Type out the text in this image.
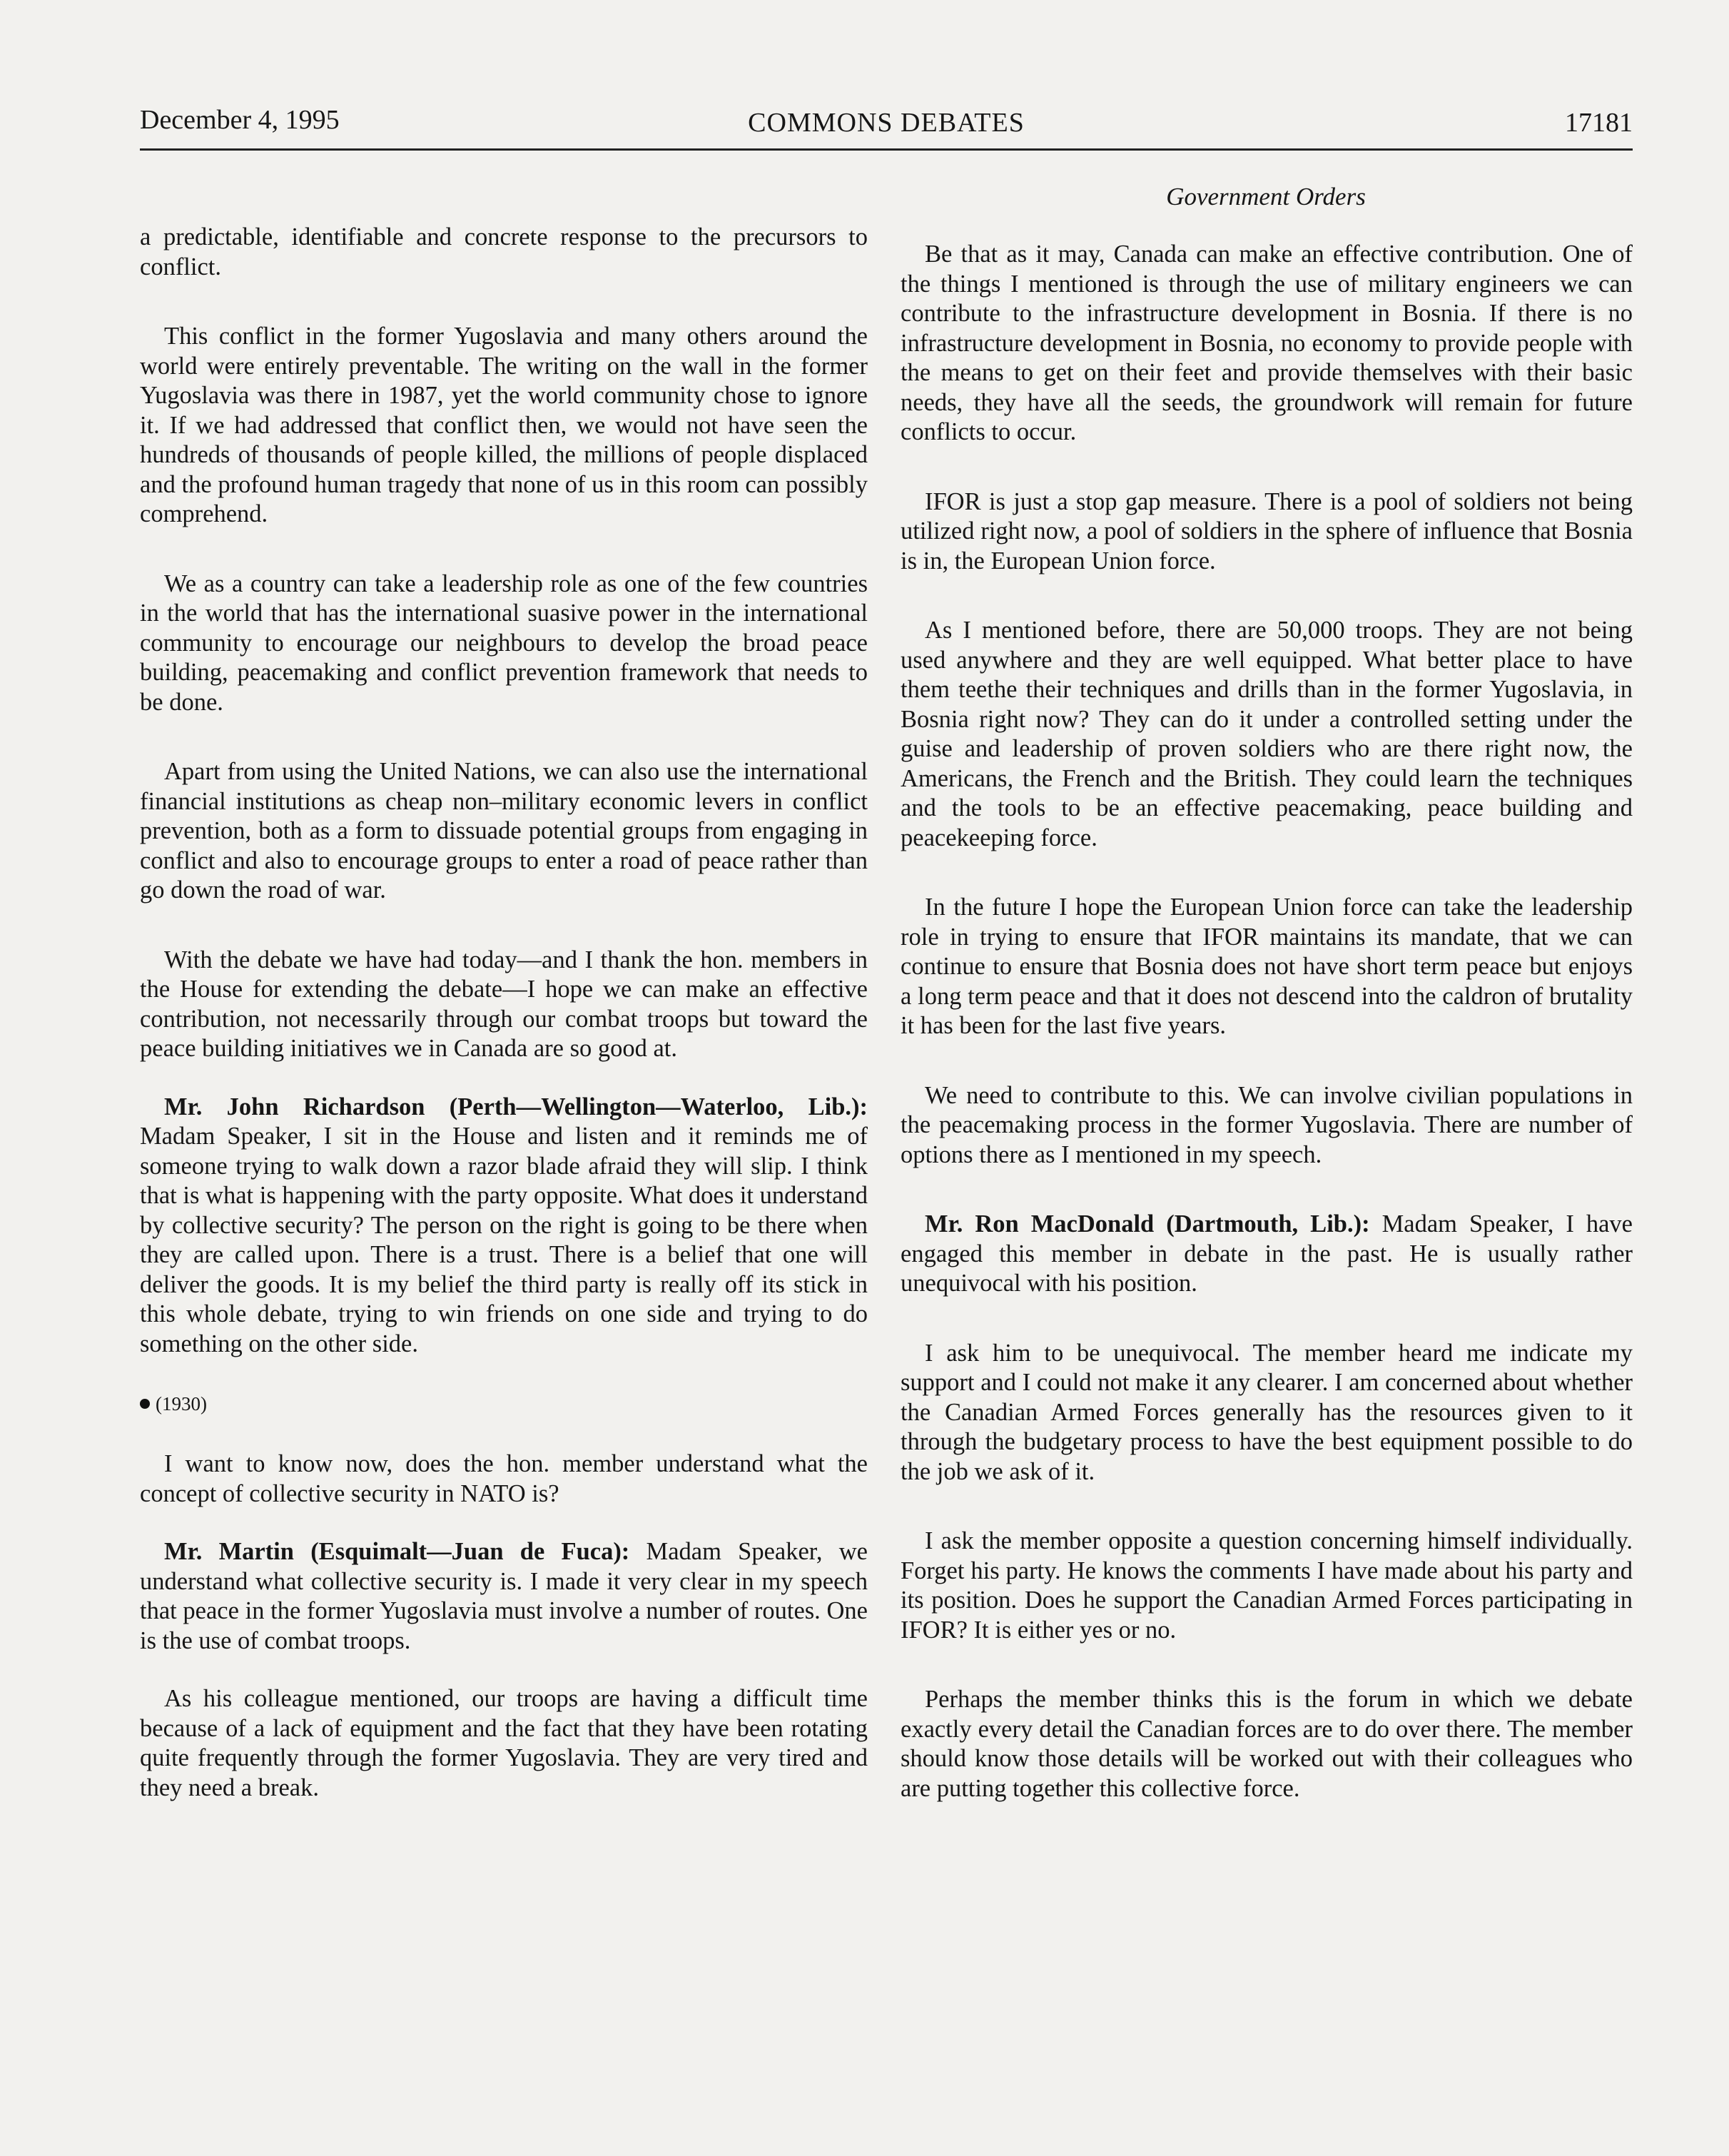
December 4, 1995	COMMONS DEBATES	17181
Government Orders

a predictable, identifiable and concrete response to the precursors to conflict.

This conflict in the former Yugoslavia and many others around the world were entirely preventable. The writing on the wall in the former Yugoslavia was there in 1987, yet the world community chose to ignore it. If we had addressed that conflict then, we would not have seen the hundreds of thousands of people killed, the millions of people displaced and the profound human tragedy that none of us in this room can possibly comprehend.

We as a country can take a leadership role as one of the few countries in the world that has the international suasive power in the international community to encourage our neighbours to develop the broad peace building, peacemaking and conflict prevention framework that needs to be done.

Apart from using the United Nations, we can also use the international financial institutions as cheap non–military economic levers in conflict prevention, both as a form to dissuade potential groups from engaging in conflict and also to encourage groups to enter a road of peace rather than go down the road of war.

With the debate we have had today—and I thank the hon. members in the House for extending the debate—I hope we can make an effective contribution, not necessarily through our combat troops but toward the peace building initiatives we in Canada are so good at.

Mr. John Richardson (Perth—Wellington—Waterloo, Lib.): Madam Speaker, I sit in the House and listen and it reminds me of someone trying to walk down a razor blade afraid they will slip. I think that is what is happening with the party opposite. What does it understand by collective security? The person on the right is going to be there when they are called upon. There is a trust. There is a belief that one will deliver the goods. It is my belief the third party is really off its stick in this whole debate, trying to win friends on one side and trying to do something on the other side.

(1930)

I want to know now, does the hon. member understand what the concept of collective security in NATO is?

Mr. Martin (Esquimalt—Juan de Fuca): Madam Speaker, we understand what collective security is. I made it very clear in my speech that peace in the former Yugoslavia must involve a number of routes. One is the use of combat troops.

As his colleague mentioned, our troops are having a difficult time because of a lack of equipment and the fact that they have been rotating quite frequently through the former Yugoslavia. They are very tired and they need a break.

Be that as it may, Canada can make an effective contribution. One of the things I mentioned is through the use of military engineers we can contribute to the infrastructure development in Bosnia. If there is no infrastructure development in Bosnia, no economy to provide people with the means to get on their feet and provide themselves with their basic needs, they have all the seeds, the groundwork will remain for future conflicts to occur.

IFOR is just a stop gap measure. There is a pool of soldiers not being utilized right now, a pool of soldiers in the sphere of influence that Bosnia is in, the European Union force.

As I mentioned before, there are 50,000 troops. They are not being used anywhere and they are well equipped. What better place to have them teethe their techniques and drills than in the former Yugoslavia, in Bosnia right now? They can do it under a controlled setting under the guise and leadership of proven soldiers who are there right now, the Americans, the French and the British. They could learn the techniques and the tools to be an effective peacemaking, peace building and peacekeeping force.

In the future I hope the European Union force can take the leadership role in trying to ensure that IFOR maintains its mandate, that we can continue to ensure that Bosnia does not have short term peace but enjoys a long term peace and that it does not descend into the caldron of brutality it has been for the last five years.

We need to contribute to this. We can involve civilian populations in the peacemaking process in the former Yugoslavia. There are number of options there as I mentioned in my speech.

Mr. Ron MacDonald (Dartmouth, Lib.): Madam Speaker, I have engaged this member in debate in the past. He is usually rather unequivocal with his position.

I ask him to be unequivocal. The member heard me indicate my support and I could not make it any clearer. I am concerned about whether the Canadian Armed Forces generally has the resources given to it through the budgetary process to have the best equipment possible to do the job we ask of it.

I ask the member opposite a question concerning himself individually. Forget his party. He knows the comments I have made about his party and its position. Does he support the Canadian Armed Forces participating in IFOR? It is either yes or no.

Perhaps the member thinks this is the forum in which we debate exactly every detail the Canadian forces are to do over there. The member should know those details will be worked out with their colleagues who are putting together this collective force.
